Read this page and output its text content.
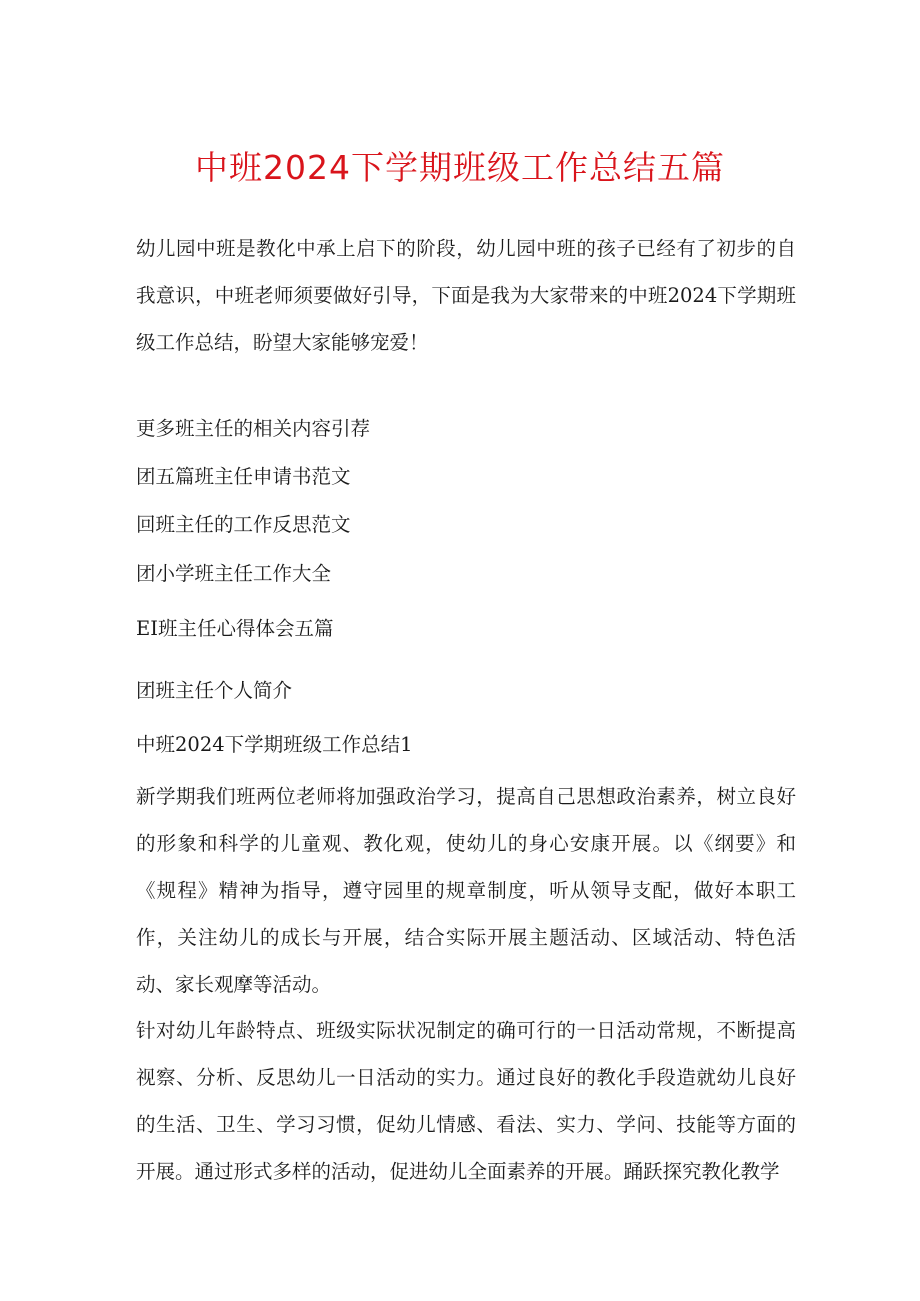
中班2024下学期班级工作总结五篇

幼儿园中班是教化中承上启下的阶段，幼儿园中班的孩子已经有了初步的自我意识，中班老师须要做好引导，下面是我为大家带来的中班2024下学期班级工作总结，盼望大家能够宠爱！

更多班主任的相关内容引荐
团五篇班主任申请书范文
回班主任的工作反思范文
团小学班主任工作大全
EI班主任心得体会五篇
团班主任个人简介
中班2024下学期班级工作总结1

新学期我们班两位老师将加强政治学习，提高自己思想政治素养，树立良好的形象和科学的儿童观、教化观，使幼儿的身心安康开展。以《纲要》和《规程》精神为指导，遵守园里的规章制度，听从领导支配，做好本职工作，关注幼儿的成长与开展，结合实际开展主题活动、区域活动、特色活动、家长观摩等活动。

针对幼儿年龄特点、班级实际状况制定的确可行的一日活动常规，不断提高视察、分析、反思幼儿一日活动的实力。通过良好的教化手段造就幼儿良好的生活、卫生、学习习惯，促幼儿情感、看法、实力、学问、技能等方面的开展。通过形式多样的活动，促进幼儿全面素养的开展。踊跃探究教化教学
